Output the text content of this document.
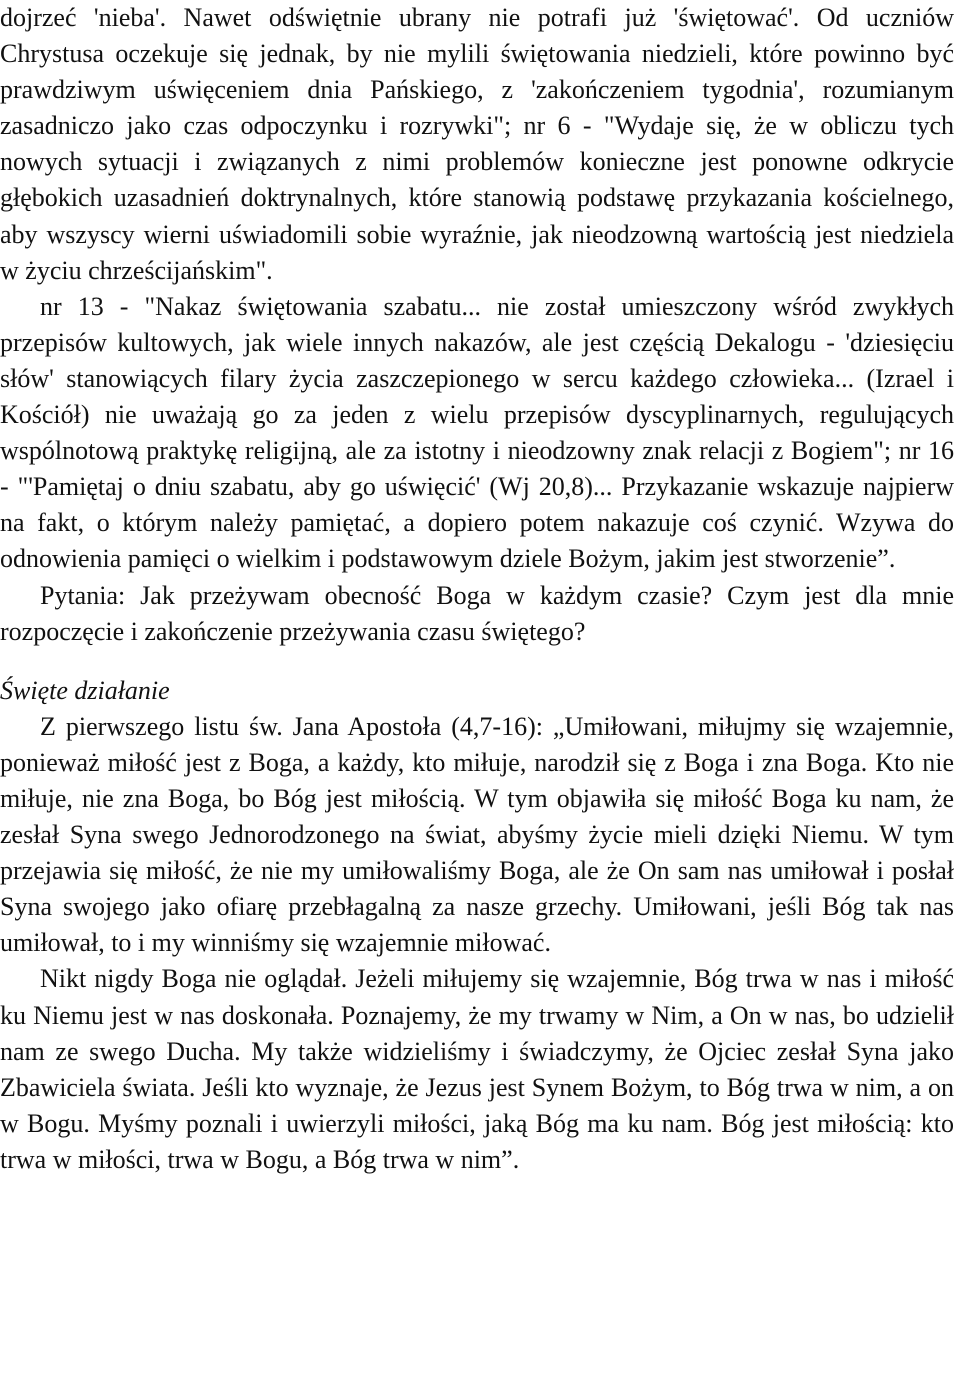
dojrzeć 'nieba'. Nawet odświętnie ubrany nie potrafi już 'świętować'. Od uczniów Chrystusa oczekuje się jednak, by nie mylili świętowania niedzieli, które powinno być prawdziwym uświęceniem dnia Pańskiego, z 'zakończeniem tygodnia', rozumianym zasadniczo jako czas odpoczynku i rozrywki"; nr 6 - "Wydaje się, że w obliczu tych nowych sytuacji i związanych z nimi problemów konieczne jest ponowne odkrycie głębokich uzasadnień doktrynalnych, które stanowią podstawę przykazania kościelnego, aby wszyscy wierni uświadomili sobie wyraźnie, jak nieodzowną wartością jest niedziela w życiu chrześcijańskim".

nr 13 - "Nakaz świętowania szabatu... nie został umieszczony wśród zwykłych przepisów kultowych, jak wiele innych nakazów, ale jest częścią Dekalogu - 'dziesięciu słów' stanowiących filary życia zaszczepionego w sercu każdego człowieka... (Izrael i Kościół) nie uważają go za jeden z wielu przepisów dyscyplinarnych, regulujących wspólnotową praktykę religijną, ale za istotny i nieodzowny znak relacji z Bogiem"; nr 16 - "'Pamiętaj o dniu szabatu, aby go uświęcić' (Wj 20,8)... Przykazanie wskazuje najpierw na fakt, o którym należy pamiętać, a dopiero potem nakazuje coś czynić. Wzywa do odnowienia pamięci o wielkim i podstawowym dziele Bożym, jakim jest stworzenie”.

Pytania: Jak przeżywam obecność Boga w każdym czasie? Czym jest dla mnie rozpoczęcie i zakończenie przeżywania czasu świętego?

Święte działanie

Z pierwszego listu św. Jana Apostoła (4,7-16): „Umiłowani, miłujmy się wzajemnie, ponieważ miłość jest z Boga, a każdy, kto miłuje, narodził się z Boga i zna Boga. Kto nie miłuje, nie zna Boga, bo Bóg jest miłością. W tym objawiła się miłość Boga ku nam, że zesłał Syna swego Jednorodzonego na świat, abyśmy życie mieli dzięki Niemu. W tym przejawia się miłość, że nie my umiłowaliśmy Boga, ale że On sam nas umiłował i posłał Syna swojego jako ofiarę przebłagalną za nasze grzechy. Umiłowani, jeśli Bóg tak nas umiłował, to i my winniśmy się wzajemnie miłować.

Nikt nigdy Boga nie oglądał. Jeżeli miłujemy się wzajemnie, Bóg trwa w nas i miłość ku Niemu jest w nas doskonała. Poznajemy, że my trwamy w Nim, a On w nas, bo udzielił nam ze swego Ducha. My także widzieliśmy i świadczymy, że Ojciec zesłał Syna jako Zbawiciela świata. Jeśli kto wyznaje, że Jezus jest Synem Bożym, to Bóg trwa w nim, a on w Bogu. Myśmy poznali i uwierzyli miłości, jaką Bóg ma ku nam. Bóg jest miłością: kto trwa w miłości, trwa w Bogu, a Bóg trwa w nim”.
